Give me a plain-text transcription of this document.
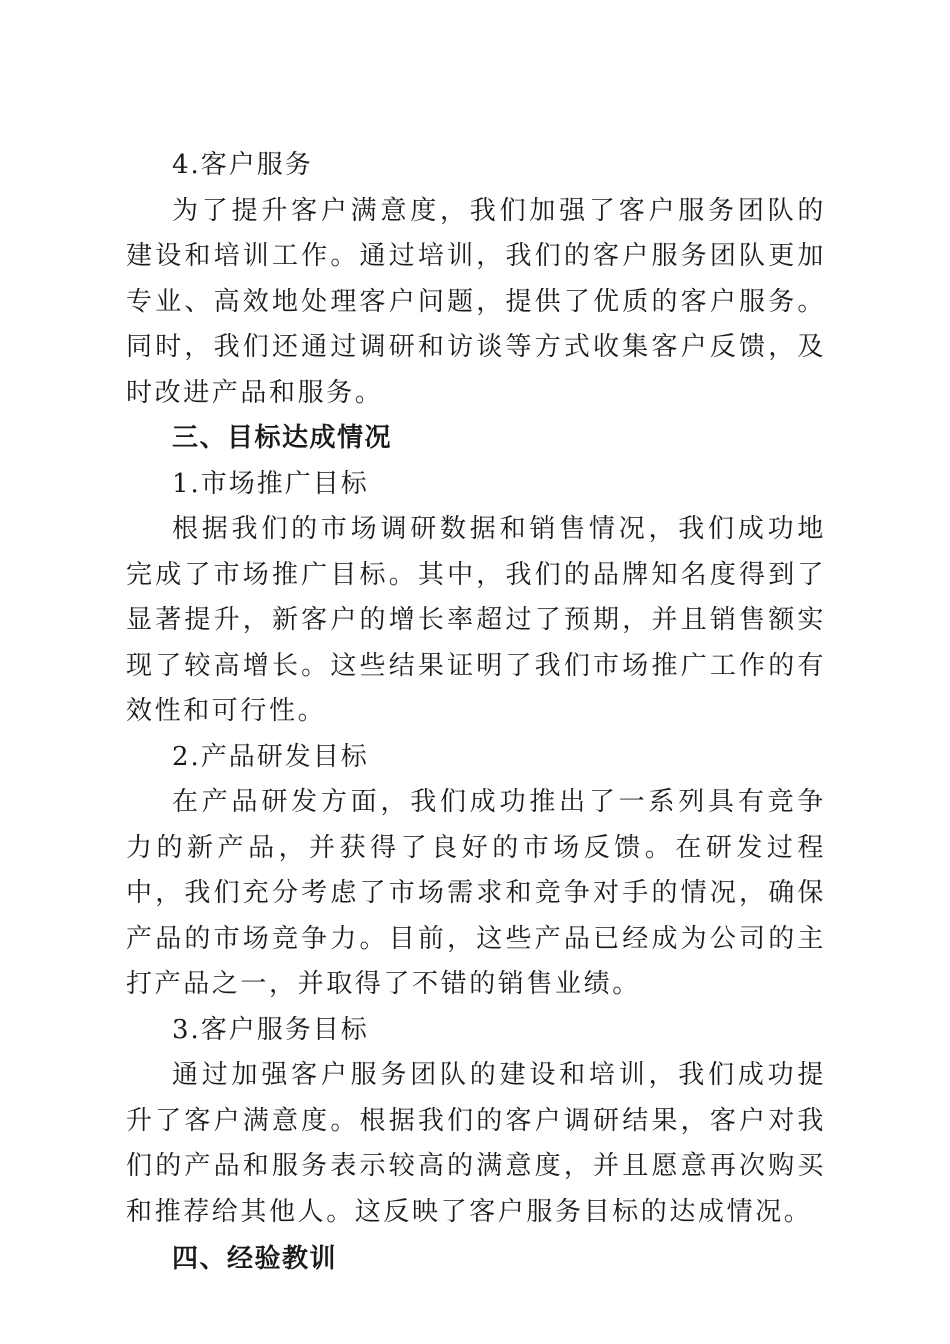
4.客户服务
为了提升客户满意度，我们加强了客户服务团队的建设和培训工作。通过培训，我们的客户服务团队更加专业、高效地处理客户问题，提供了优质的客户服务。同时，我们还通过调研和访谈等方式收集客户反馈，及时改进产品和服务。
三、目标达成情况
1.市场推广目标
根据我们的市场调研数据和销售情况，我们成功地完成了市场推广目标。其中，我们的品牌知名度得到了显著提升，新客户的增长率超过了预期，并且销售额实现了较高增长。这些结果证明了我们市场推广工作的有效性和可行性。
2.产品研发目标
在产品研发方面，我们成功推出了一系列具有竞争力的新产品，并获得了良好的市场反馈。在研发过程中，我们充分考虑了市场需求和竞争对手的情况，确保产品的市场竞争力。目前，这些产品已经成为公司的主打产品之一，并取得了不错的销售业绩。
3.客户服务目标
通过加强客户服务团队的建设和培训，我们成功提升了客户满意度。根据我们的客户调研结果，客户对我们的产品和服务表示较高的满意度，并且愿意再次购买和推荐给其他人。这反映了客户服务目标的达成情况。
四、经验教训
